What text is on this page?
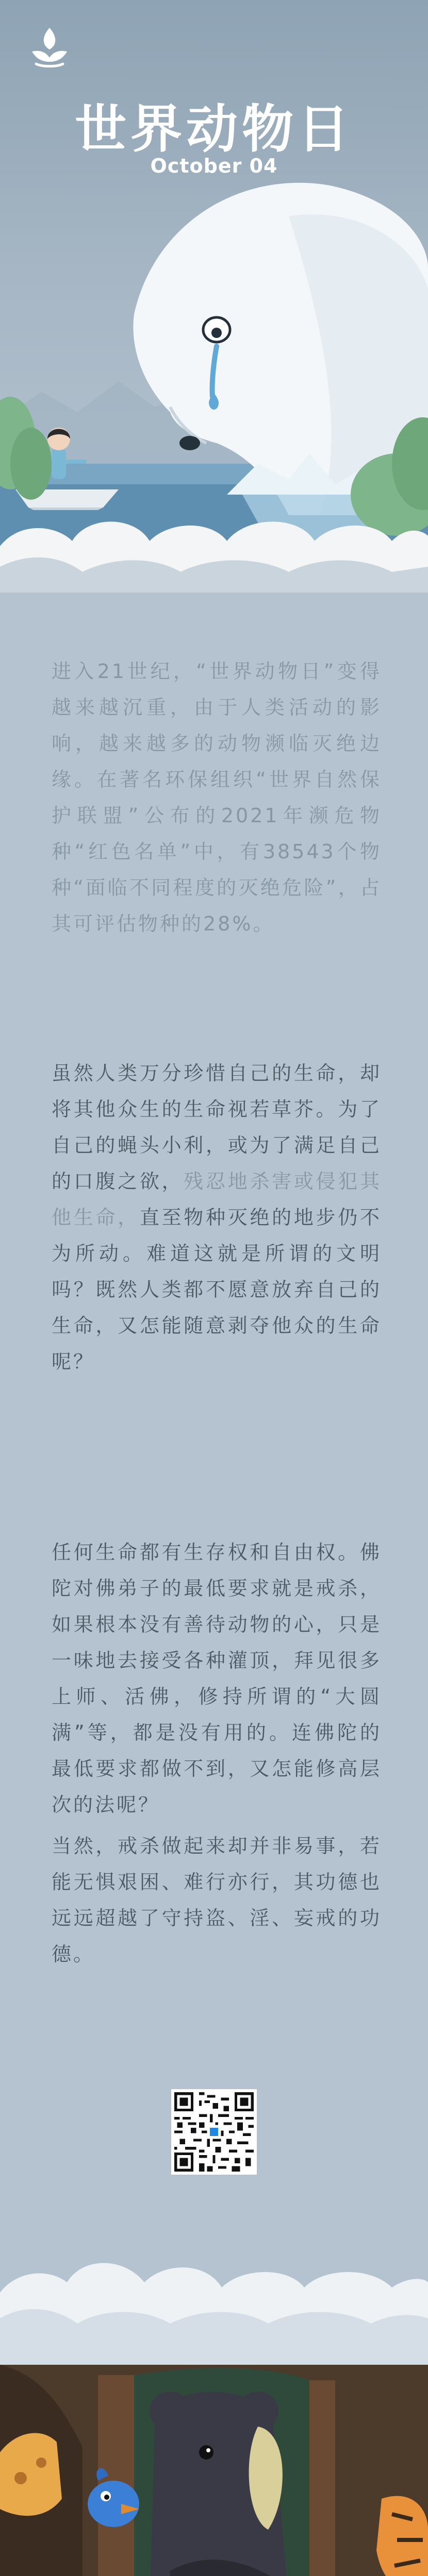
世界动物日
October 04

进入21世纪，“世界动物日”变得越来越沉重，由于人类活动的影响，越来越多的动物濒临灭绝边缘。在著名环保组织“世界自然保护联盟”公布的2021年濒危物种“红色名单”中，有38543个物种“面临不同程度的灭绝危险”，占其可评估物种的28%。

虽然人类万分珍惜自己的生命，却将其他众生的生命视若草芥。为了自己的蝇头小利，或为了满足自己的口腹之欲，残忍地杀害或侵犯其他生命，直至物种灭绝的地步仍不为所动。难道这就是所谓的文明吗？既然人类都不愿意放弃自己的生命，又怎能随意剥夺他众的生命呢？

任何生命都有生存权和自由权。佛陀对佛弟子的最低要求就是戒杀，如果根本没有善待动物的心，只是一味地去接受各种灌顶，拜见很多上师、活佛，修持所谓的“大圆满”等，都是没有用的。连佛陀的最低要求都做不到，又怎能修高层次的法呢？

当然，戒杀做起来却并非易事，若能无惧艰困、难行亦行，其功德也远远超越了守持盗、淫、妄戒的功德。
